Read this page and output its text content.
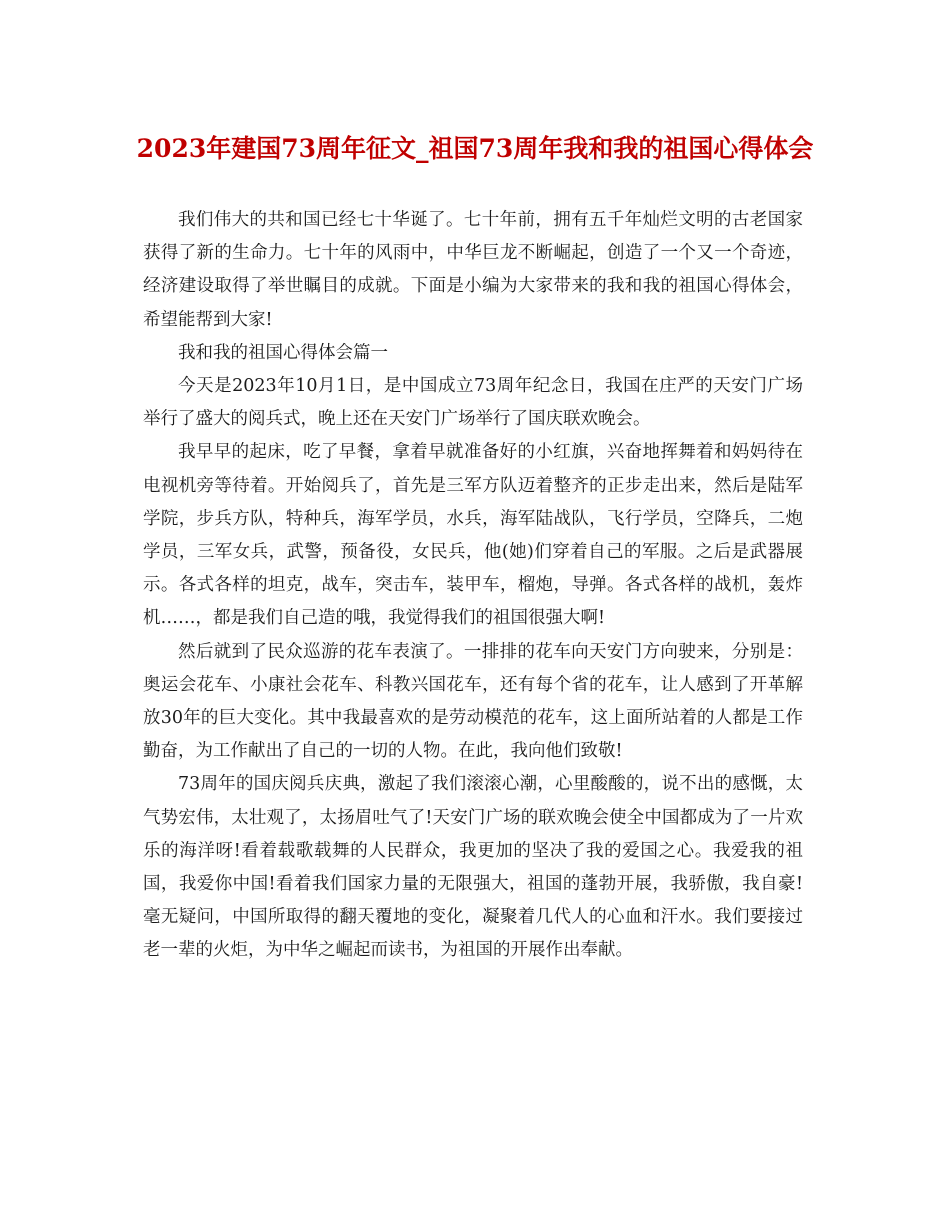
2023年建国73周年征文_祖国73周年我和我的祖国心得体会

我们伟大的共和国已经七十华诞了。七十年前，拥有五千年灿烂文明的古老国家获得了新的生命力。七十年的风雨中，中华巨龙不断崛起，创造了一个又一个奇迹，经济建设取得了举世瞩目的成就。下面是小编为大家带来的我和我的祖国心得体会，希望能帮到大家!

我和我的祖国心得体会篇一

今天是2023年10月1日，是中国成立73周年纪念日，我国在庄严的天安门广场举行了盛大的阅兵式，晚上还在天安门广场举行了国庆联欢晚会。

我早早的起床，吃了早餐，拿着早就准备好的小红旗，兴奋地挥舞着和妈妈待在电视机旁等待着。开始阅兵了，首先是三军方队迈着整齐的正步走出来，然后是陆军学院，步兵方队，特种兵，海军学员，水兵，海军陆战队，飞行学员，空降兵，二炮学员，三军女兵，武警，预备役，女民兵，他(她)们穿着自己的军服。之后是武器展示。各式各样的坦克，战车，突击车，装甲车，榴炮，导弹。各式各样的战机，轰炸机……，都是我们自己造的哦，我觉得我们的祖国很强大啊!

然后就到了民众巡游的花车表演了。一排排的花车向天安门方向驶来，分别是：奥运会花车、小康社会花车、科教兴国花车，还有每个省的花车，让人感到了开革解放30年的巨大变化。其中我最喜欢的是劳动模范的花车，这上面所站着的人都是工作勤奋，为工作献出了自己的一切的人物。在此，我向他们致敬!

73周年的国庆阅兵庆典，激起了我们滚滚心潮，心里酸酸的，说不出的感慨，太气势宏伟，太壮观了，太扬眉吐气了!天安门广场的联欢晚会使全中国都成为了一片欢乐的海洋呀!看着载歌载舞的人民群众，我更加的坚决了我的爱国之心。我爱我的祖国，我爱你中国!看着我们国家力量的无限强大，祖国的蓬勃开展，我骄傲，我自豪!毫无疑问，中国所取得的翻天覆地的变化，凝聚着几代人的心血和汗水。我们要接过老一辈的火炬，为中华之崛起而读书，为祖国的开展作出奉献。
